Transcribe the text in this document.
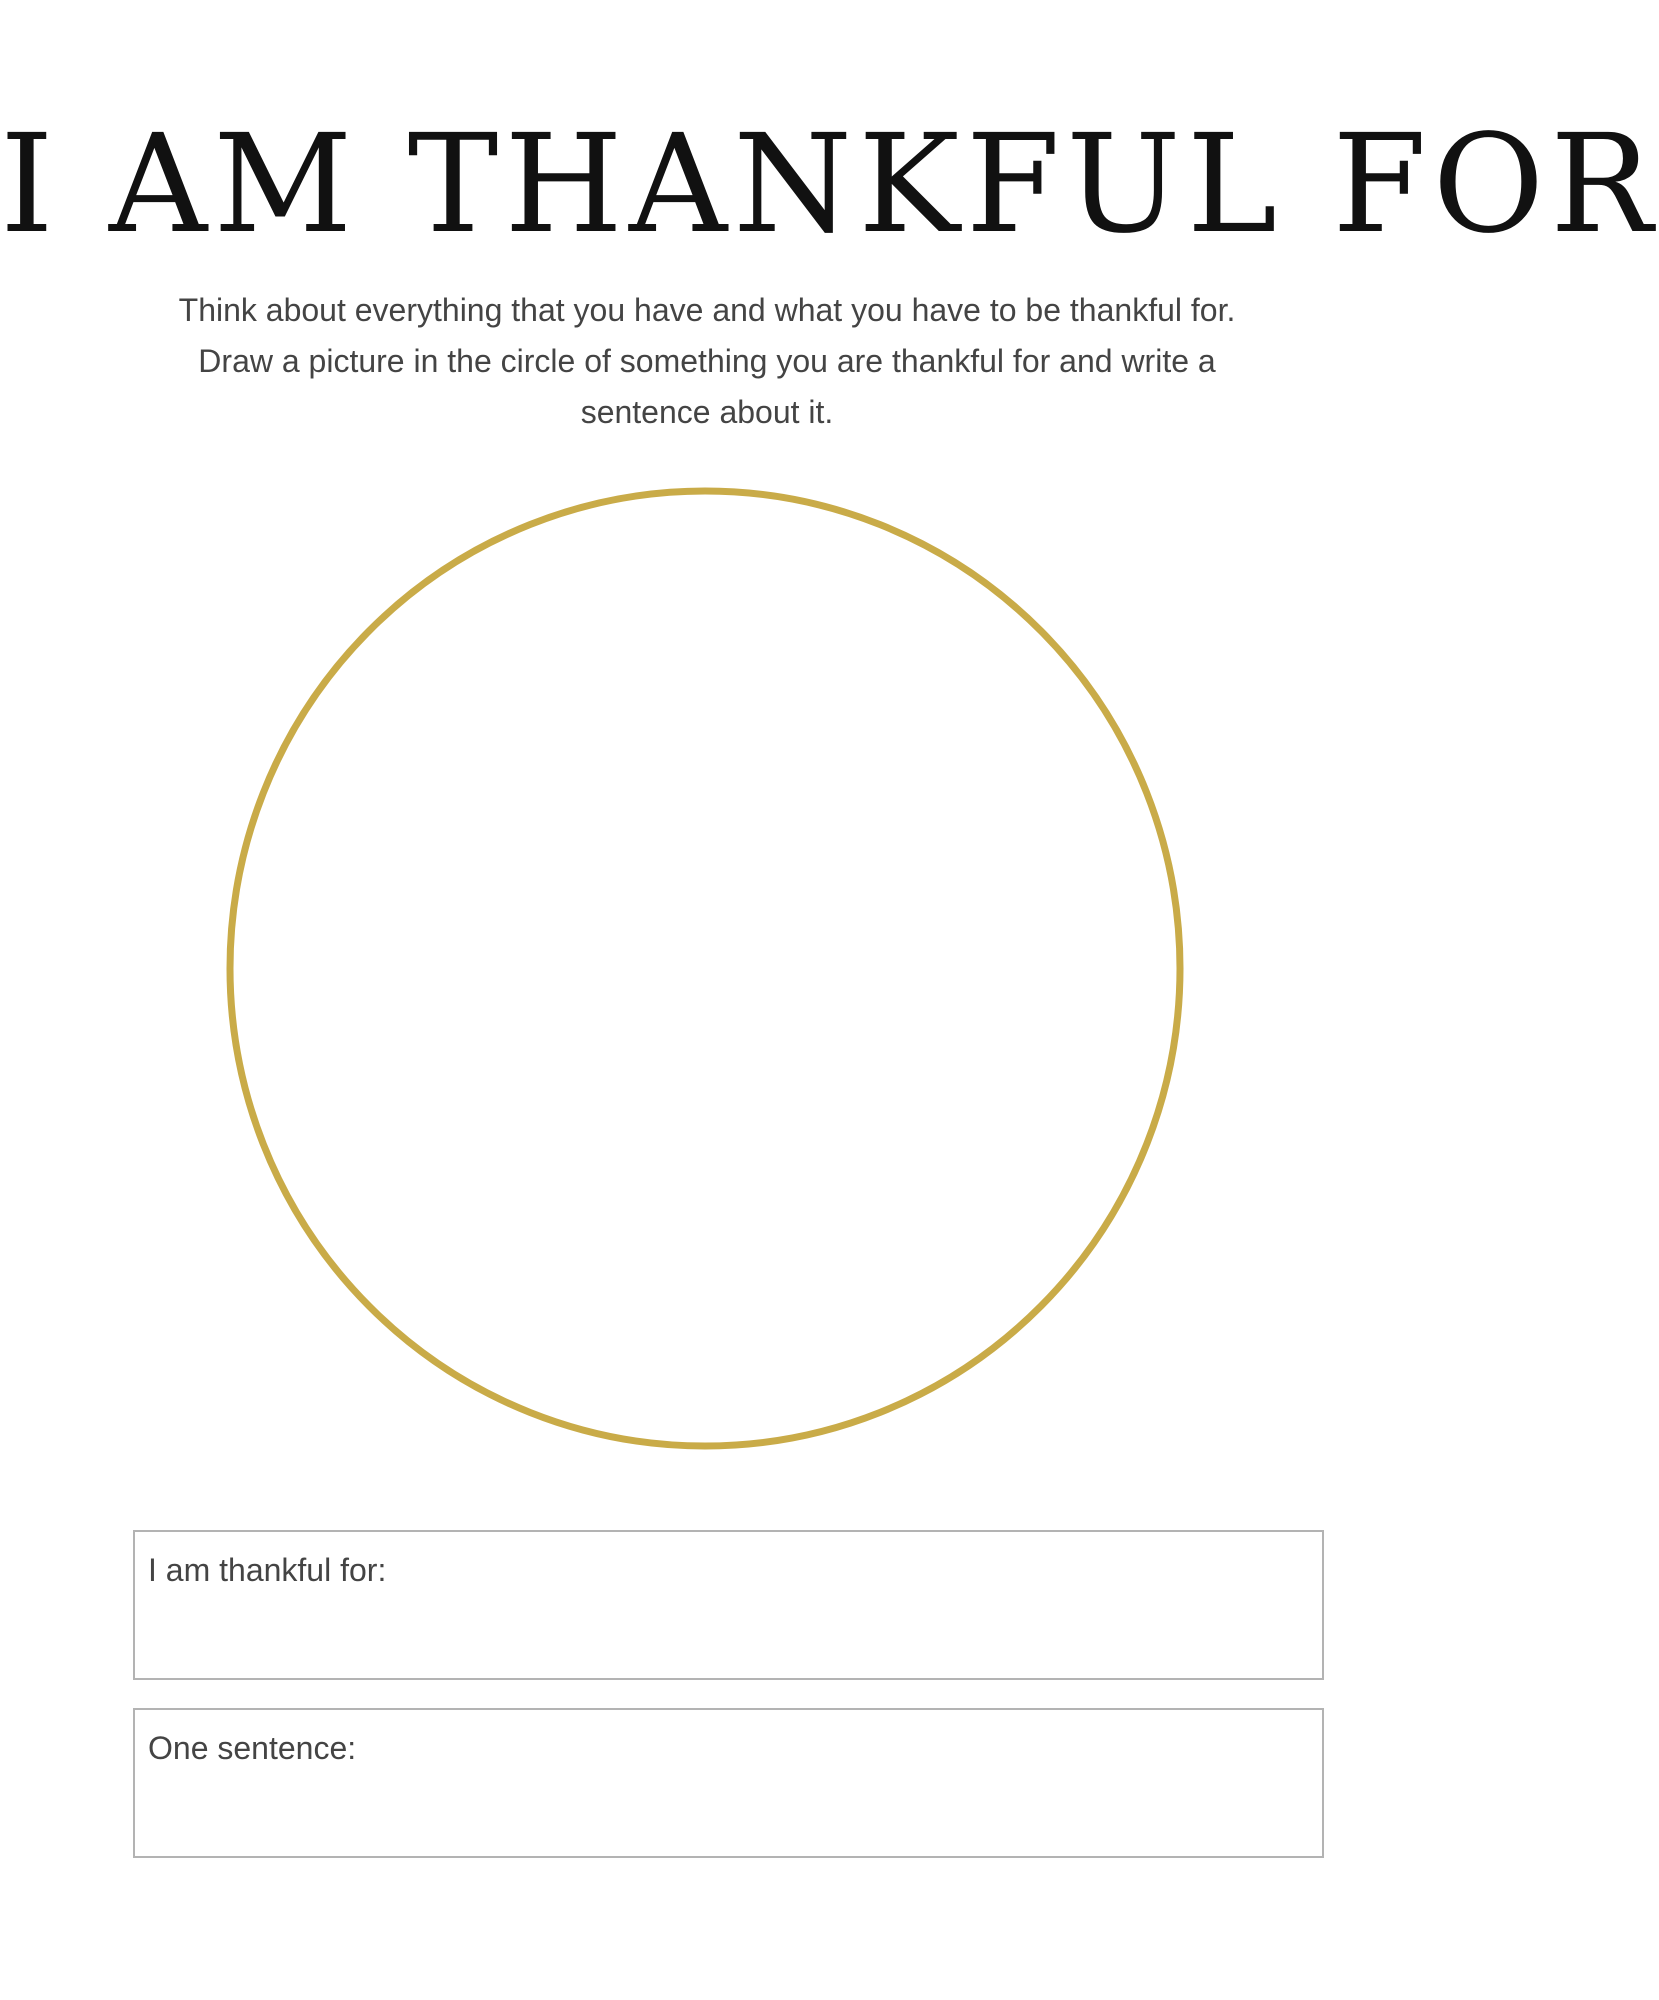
I AM THANKFUL FOR

Think about everything that you have and what you have to be thankful for. Draw a picture in the circle of something you are thankful for and write a sentence about it.

I am thankful for:
One sentence:
